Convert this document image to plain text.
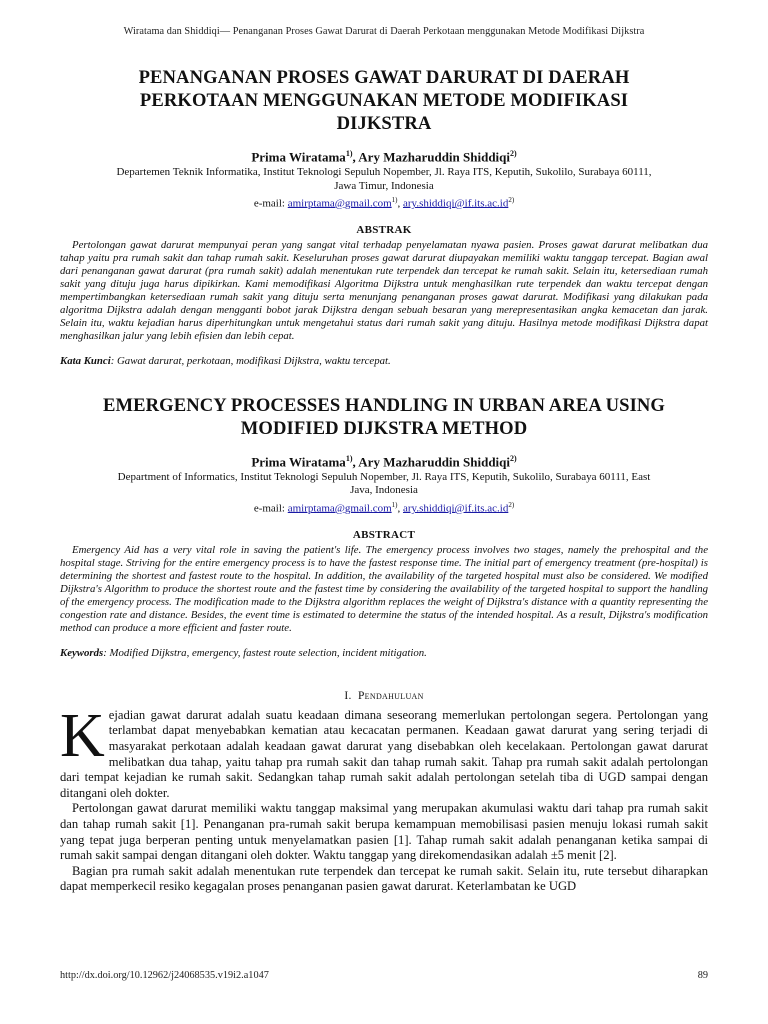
Wiratama dan Shiddiqi— Penanganan Proses Gawat Darurat di Daerah Perkotaan menggunakan Metode Modifikasi Dijkstra
PENANGANAN PROSES GAWAT DARURAT DI DAERAH
PERKOTAAN MENGGUNAKAN METODE MODIFIKASI
DIJKSTRA

Prima Wiratama$^{1)}$, Ary Mazharuddin Shiddiqi$^{2)}$

Departemen Teknik Informatika, Institut Teknologi Sepuluh Nopember, Jl. Raya ITS, Keputih, Sukolilo, Surabaya 60111,
Jawa Timur, Indonesia

e-mail: amirptama@gmail.com$^{1)}$, $ary.shiddiqi@if.its.ac.id^{2)}$

ABSTRAK

Pertolongan gawat darurat mempunyai peran yang sangat vital terhadap penyelamatan nyawa pasien. Proses gawat darurat melibatkan dua tahap yaitu pra rumah sakit dan tahap rumah sakit. Keseluruhan proses gawat darurat diupayakan memiliki waktu tanggap tercepat. Bagian awal dari penanganan gawat darurat (pra rumah sakit) adalah menentukan rute terpendek dan tercepat ke rumah sakit. Selain itu, ketersediaan rumah sakit yang dituju juga harus dipikirkan. Kami memodifikasi Algoritma Dijkstra untuk menghasilkan rute terpendek dan waktu tercepat dengan mempertimbangkan ketersediaan rumah sakit yang dituju serta menunjang penanganan proses gawat darurat. Modifikasi yang dilakukan pada algoritma Dijkstra adalah dengan mengganti bobot jarak Dijkstra dengan sebuah besaran yang merepresentasikan angka kemacetan dan jarak. Selain itu, waktu kejadian harus diperhitungkan untuk mengetahui status dari rumah sakit yang dituju. Hasilnya metode modifikasi Dijkstra dapat menghasilkan jalur yang lebih efisien dan lebih cepat.

Kata Kunci: Gawat darurat, perkotaan, modifikasi Dijkstra, waktu tercepat.

EMERGENCY PROCESSES HANDLING IN URBAN AREA USING
MODIFIED DIJKSTRA METHOD

Prima Wiratama$^{1)}$, Ary Mazharuddin Shiddiqi$^{2)}$

Department of Informatics, Institut Teknologi Sepuluh Nopember, Jl. Raya ITS, Keputih, Sukolilo, Surabaya 60111, East
Java, Indonesia

e-mail: amirptama@gmail.com$^{1)}$, $ary.shiddiqi@if.its.ac.id^{2)}$

ABSTRACT

Emergency Aid has a very vital role in saving the patient's life. The emergency process involves two stages, namely the prehospital and the hospital stage. Striving for the entire emergency process is to have the fastest response time. The initial part of emergency treatment (pre-hospital) is determining the shortest and fastest route to the hospital. In addition, the availability of the targeted hospital must also be considered. We modified Dijkstra's Algorithm to produce the shortest route and the fastest time by considering the availability of the targeted hospital to support the handling of the emergency process. The modification made to the Dijkstra algorithm replaces the weight of Dijkstra's distance with a quantity representing the congestion rate and distance. Besides, the event time is estimated to determine the status of the intended hospital. As a result, Dijkstra's modification method can produce a more efficient and faster route.

Keywords: Modified Dijkstra, emergency, fastest route selection, incident mitigation.

I. Pendahuluan

Kejadian gawat darurat adalah suatu keadaan dimana seseorang memerlukan pertolongan segera. Pertolongan yang terlambat dapat menyebabkan kematian atau kecacatan permanen. Keadaan gawat darurat yang sering terjadi di masyarakat perkotaan adalah keadaan gawat darurat yang disebabkan oleh kecelakaan. Pertolongan gawat darurat melibatkan dua tahap, yaitu tahap pra rumah sakit dan tahap rumah sakit. Tahap pra rumah sakit adalah pertolongan dari tempat kejadian ke rumah sakit. Sedangkan tahap rumah sakit adalah pertolongan setelah tiba di UGD sampai dengan ditangani oleh dokter.

Pertolongan gawat darurat memiliki waktu tanggap maksimal yang merupakan akumulasi waktu dari tahap pra rumah sakit dan tahap rumah sakit [1]. Penanganan pra-rumah sakit berupa kemampuan memobilisasi pasien menuju lokasi rumah sakit yang tepat juga berperan penting untuk menyelamatkan pasien [1]. Tahap rumah sakit adalah penanganan ketika sampai di rumah sakit sampai dengan ditangani oleh dokter. Waktu tanggap yang direkomendasikan adalah ±5 menit [2].

Bagian pra rumah sakit adalah menentukan rute terpendek dan tercepat ke rumah sakit. Selain itu, rute tersebut diharapkan dapat memperkecil resiko kegagalan proses penanganan pasien gawat darurat. Keterlambatan ke UGD

http://dx.doi.org/10.12962/j24068535.v19i2.a1047	89
